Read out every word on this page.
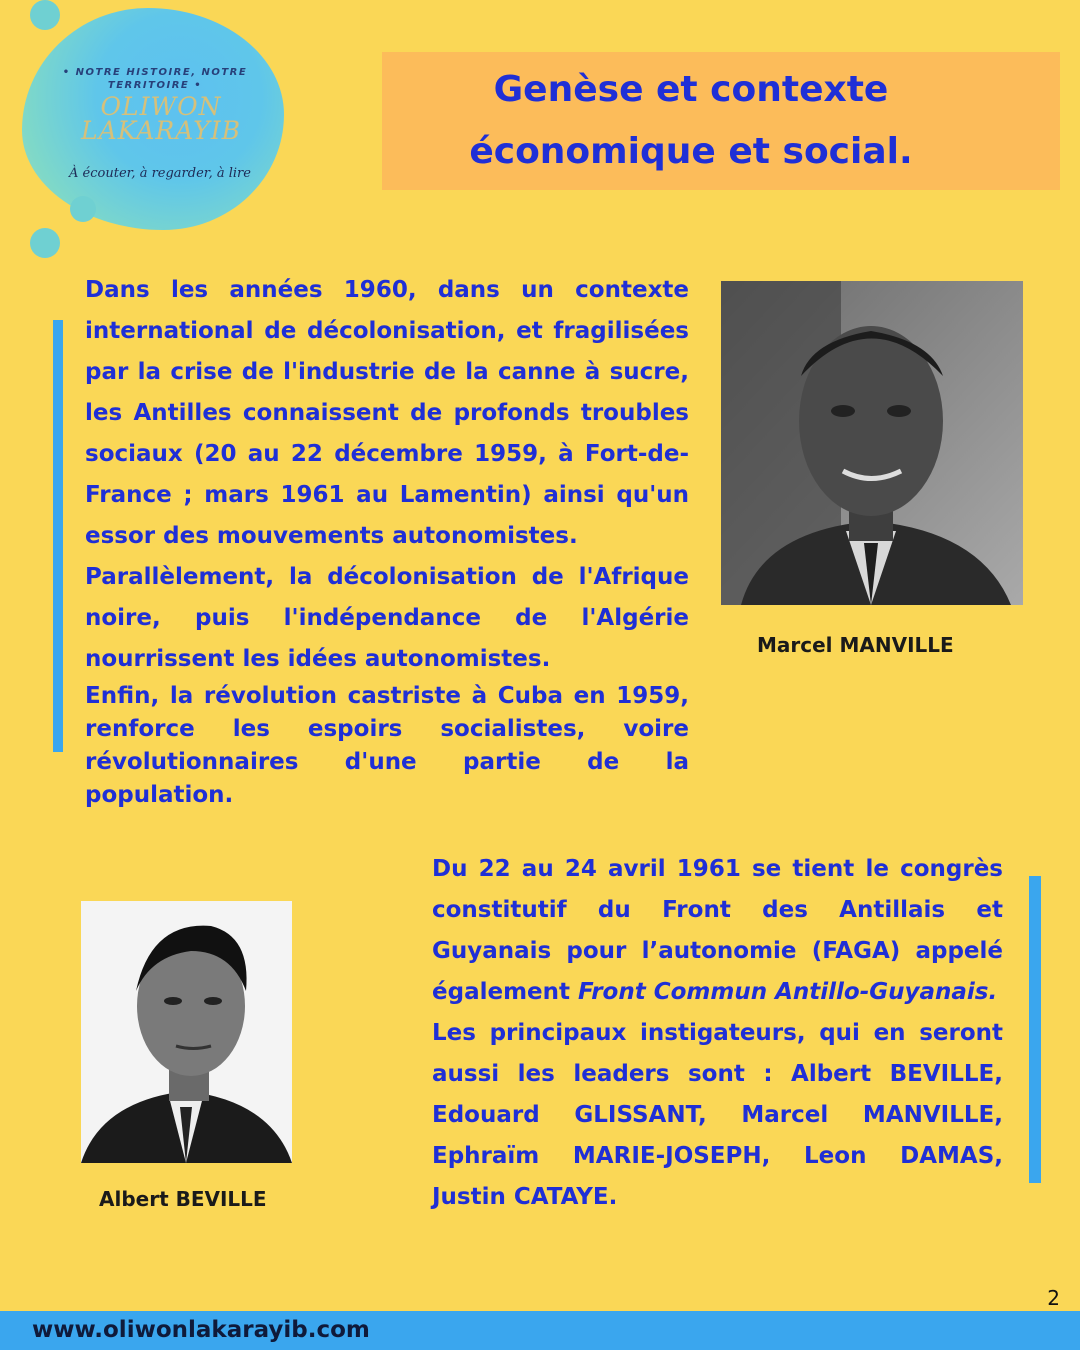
• NOTRE HISTOIRE, NOTRE TERRITOIRE •
OLIWON
LAKARAYIB
À écouter, à regarder, à lire
Genèse et contexte
économique et social.

Dans les années 1960, dans un contexte international de décolonisation, et fragilisées par la crise de l'industrie de la canne à sucre, les Antilles connaissent de profonds troubles sociaux (20 au 22 décembre 1959, à Fort-de-France ; mars 1961 au Lamentin) ainsi qu'un essor des mouvements autonomistes.

Parallèlement, la décolonisation de l'Afrique noire, puis l'indépendance de l'Algérie nourrissent les idées autonomistes.

Enfin, la révolution castriste à Cuba en 1959, renforce les espoirs socialistes, voire révolutionnaires d'une partie de la population.

Marcel MANVILLE
Albert BEVILLE

Du 22 au 24 avril 1961 se tient le congrès constitutif du Front des Antillais et Guyanais pour l’autonomie (FAGA) appelé également Front Commun Antillo-Guyanais.

Les principaux instigateurs, qui en seront aussi les leaders sont : Albert BEVILLE, Edouard GLISSANT, Marcel MANVILLE, Ephraïm MARIE-JOSEPH, Leon DAMAS, Justin CATAYE.

2
www.oliwonlakarayib.com
